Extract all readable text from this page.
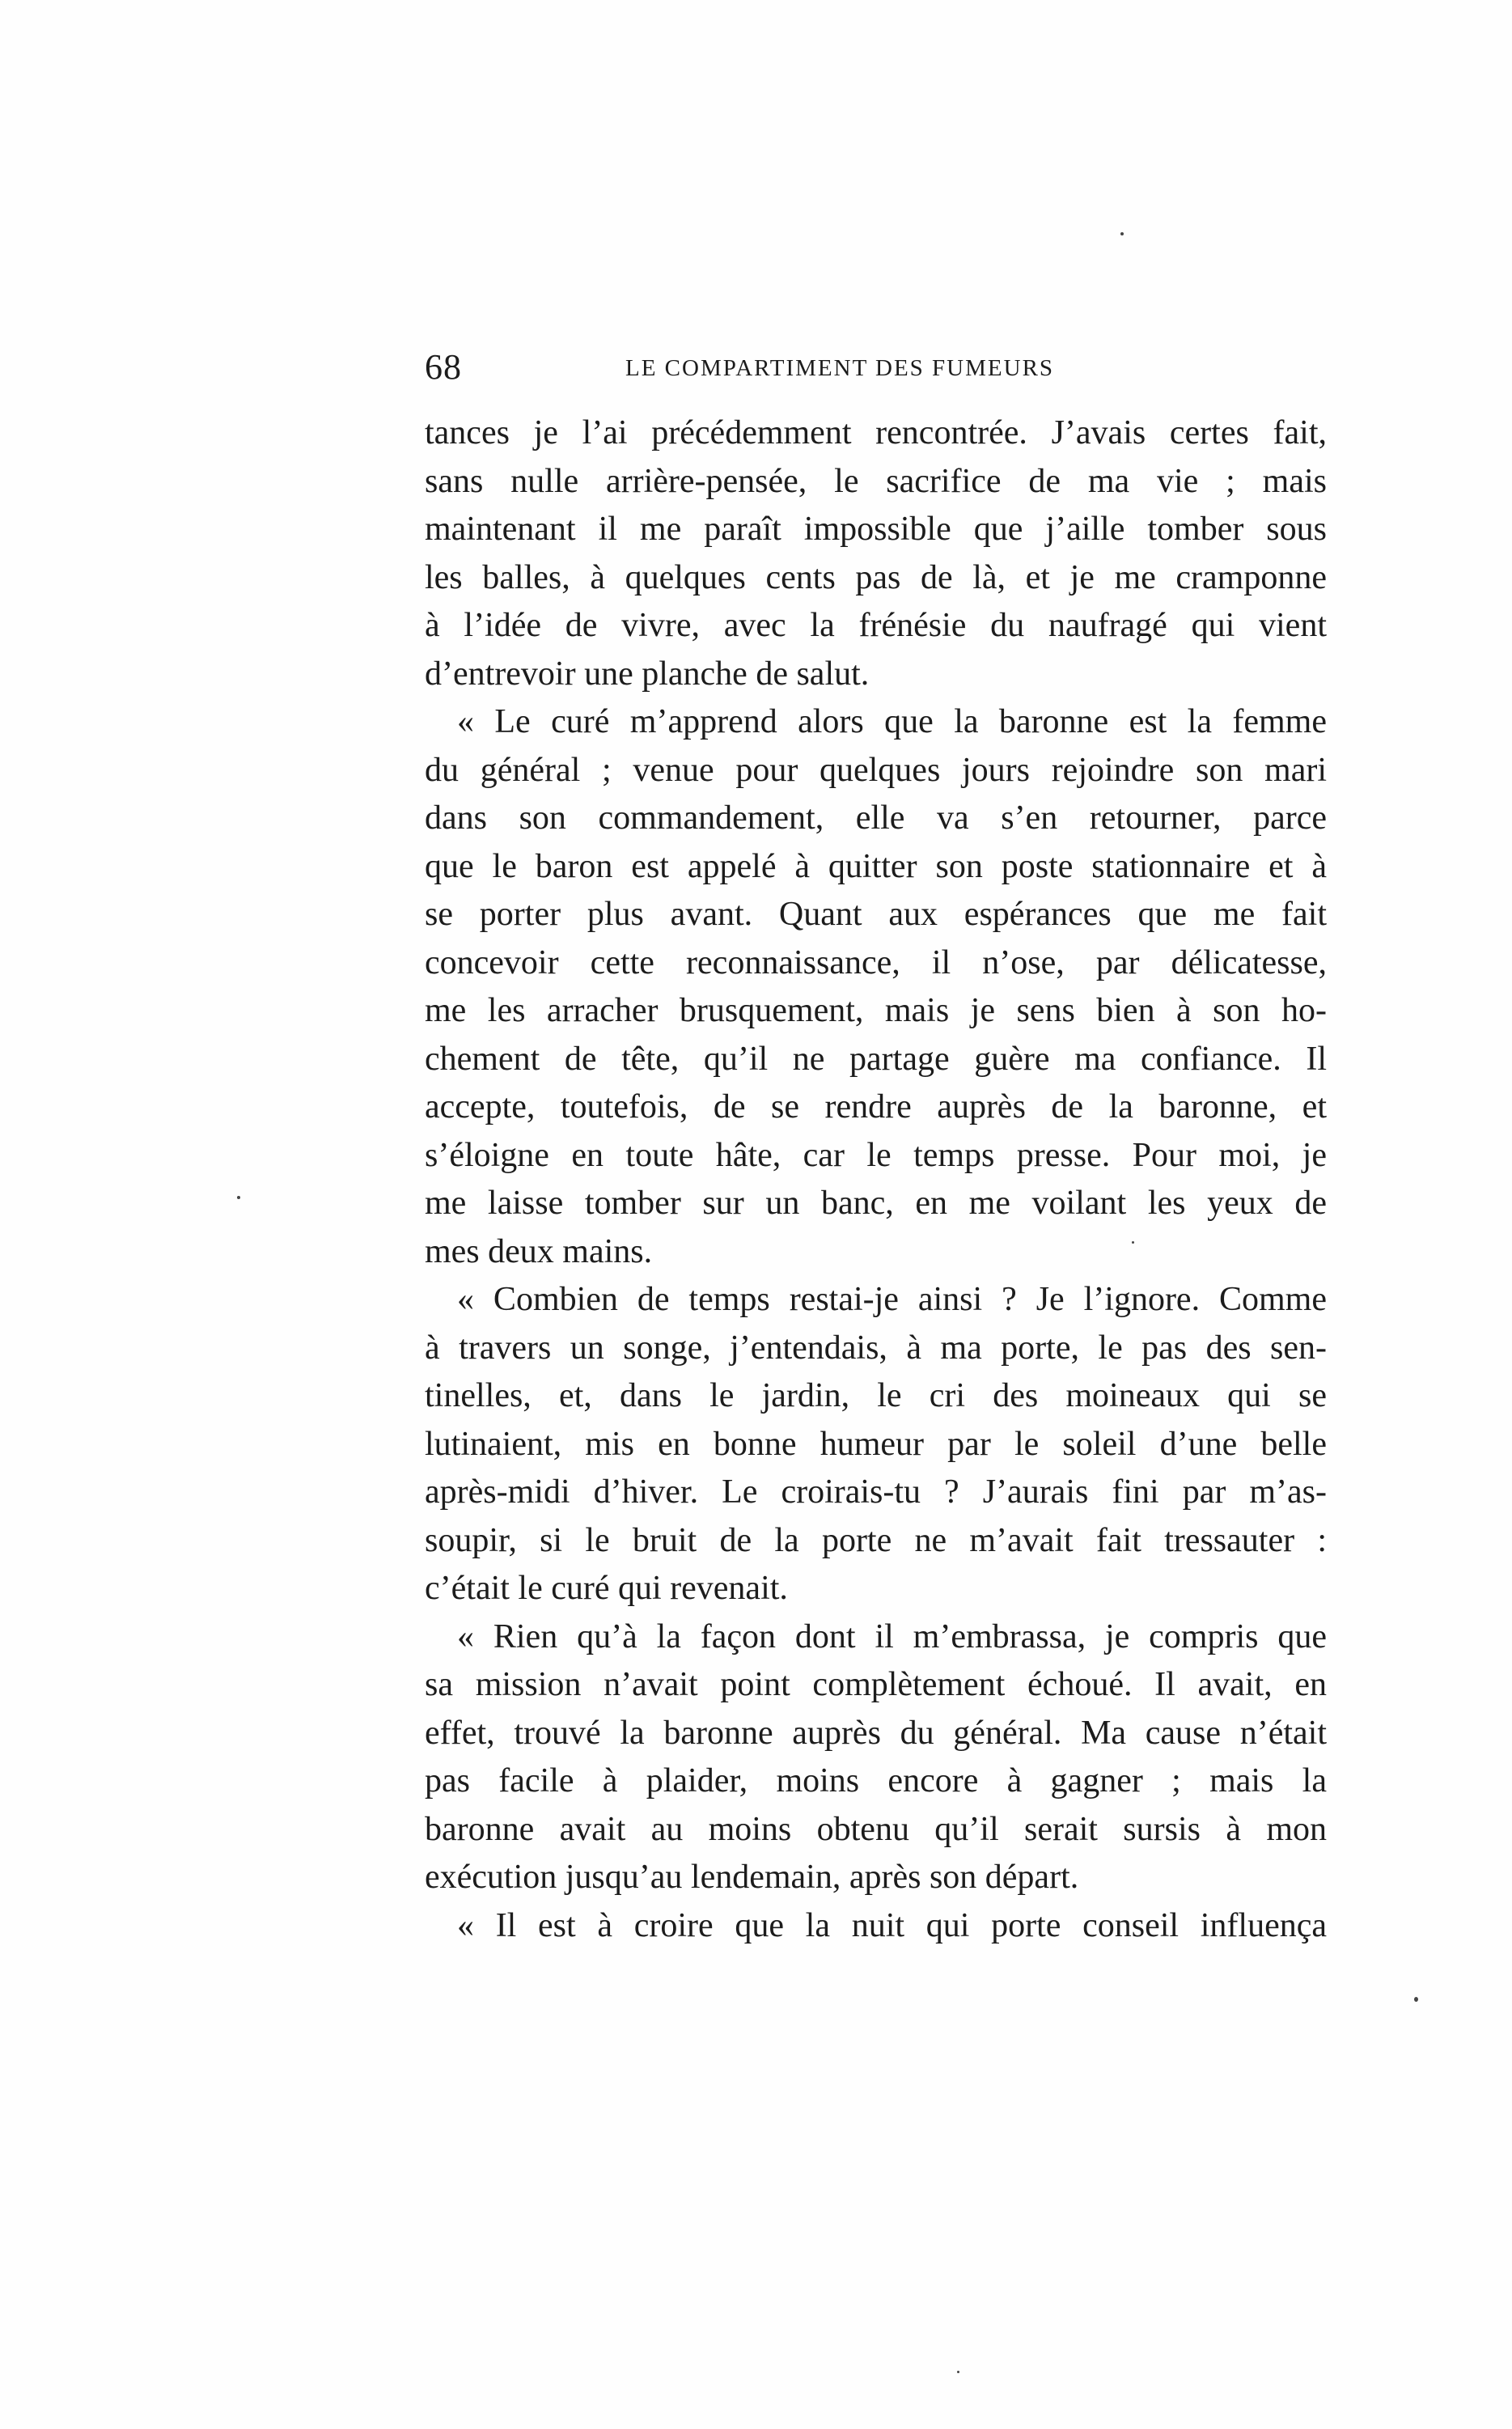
68	LE COMPARTIMENT DES FUMEURS
tances je l’ai précédemment rencontrée. J’avais certes fait,
sans nulle arrière-pensée, le sacrifice de ma vie ; mais
maintenant il me paraît impossible que j’aille tomber sous
les balles, à quelques cents pas de là, et je me cramponne
à l’idée de vivre, avec la frénésie du naufragé qui vient
d’entrevoir une planche de salut.
« Le curé m’apprend alors que la baronne est la femme
du général ; venue pour quelques jours rejoindre son mari
dans son commandement, elle va s’en retourner, parce
que le baron est appelé à quitter son poste stationnaire et à
se porter plus avant. Quant aux espérances que me fait
concevoir cette reconnaissance, il n’ose, par délicatesse,
me les arracher brusquement, mais je sens bien à son ho-
chement de tête, qu’il ne partage guère ma confiance. Il
accepte, toutefois, de se rendre auprès de la baronne, et
s’éloigne en toute hâte, car le temps presse. Pour moi, je
me laisse tomber sur un banc, en me voilant les yeux de
mes deux mains.
« Combien de temps restai-je ainsi ? Je l’ignore. Comme
à travers un songe, j’entendais, à ma porte, le pas des sen-
tinelles, et, dans le jardin, le cri des moineaux qui se
lutinaient, mis en bonne humeur par le soleil d’une belle
après-midi d’hiver. Le croirais-tu ? J’aurais fini par m’as-
soupir, si le bruit de la porte ne m’avait fait tressauter :
c’était le curé qui revenait.
« Rien qu’à la façon dont il m’embrassa, je compris que
sa mission n’avait point complètement échoué. Il avait, en
effet, trouvé la baronne auprès du général. Ma cause n’était
pas facile à plaider, moins encore à gagner ; mais la
baronne avait au moins obtenu qu’il serait sursis à mon
exécution jusqu’au lendemain, après son départ.
« Il est à croire que la nuit qui porte conseil influença
